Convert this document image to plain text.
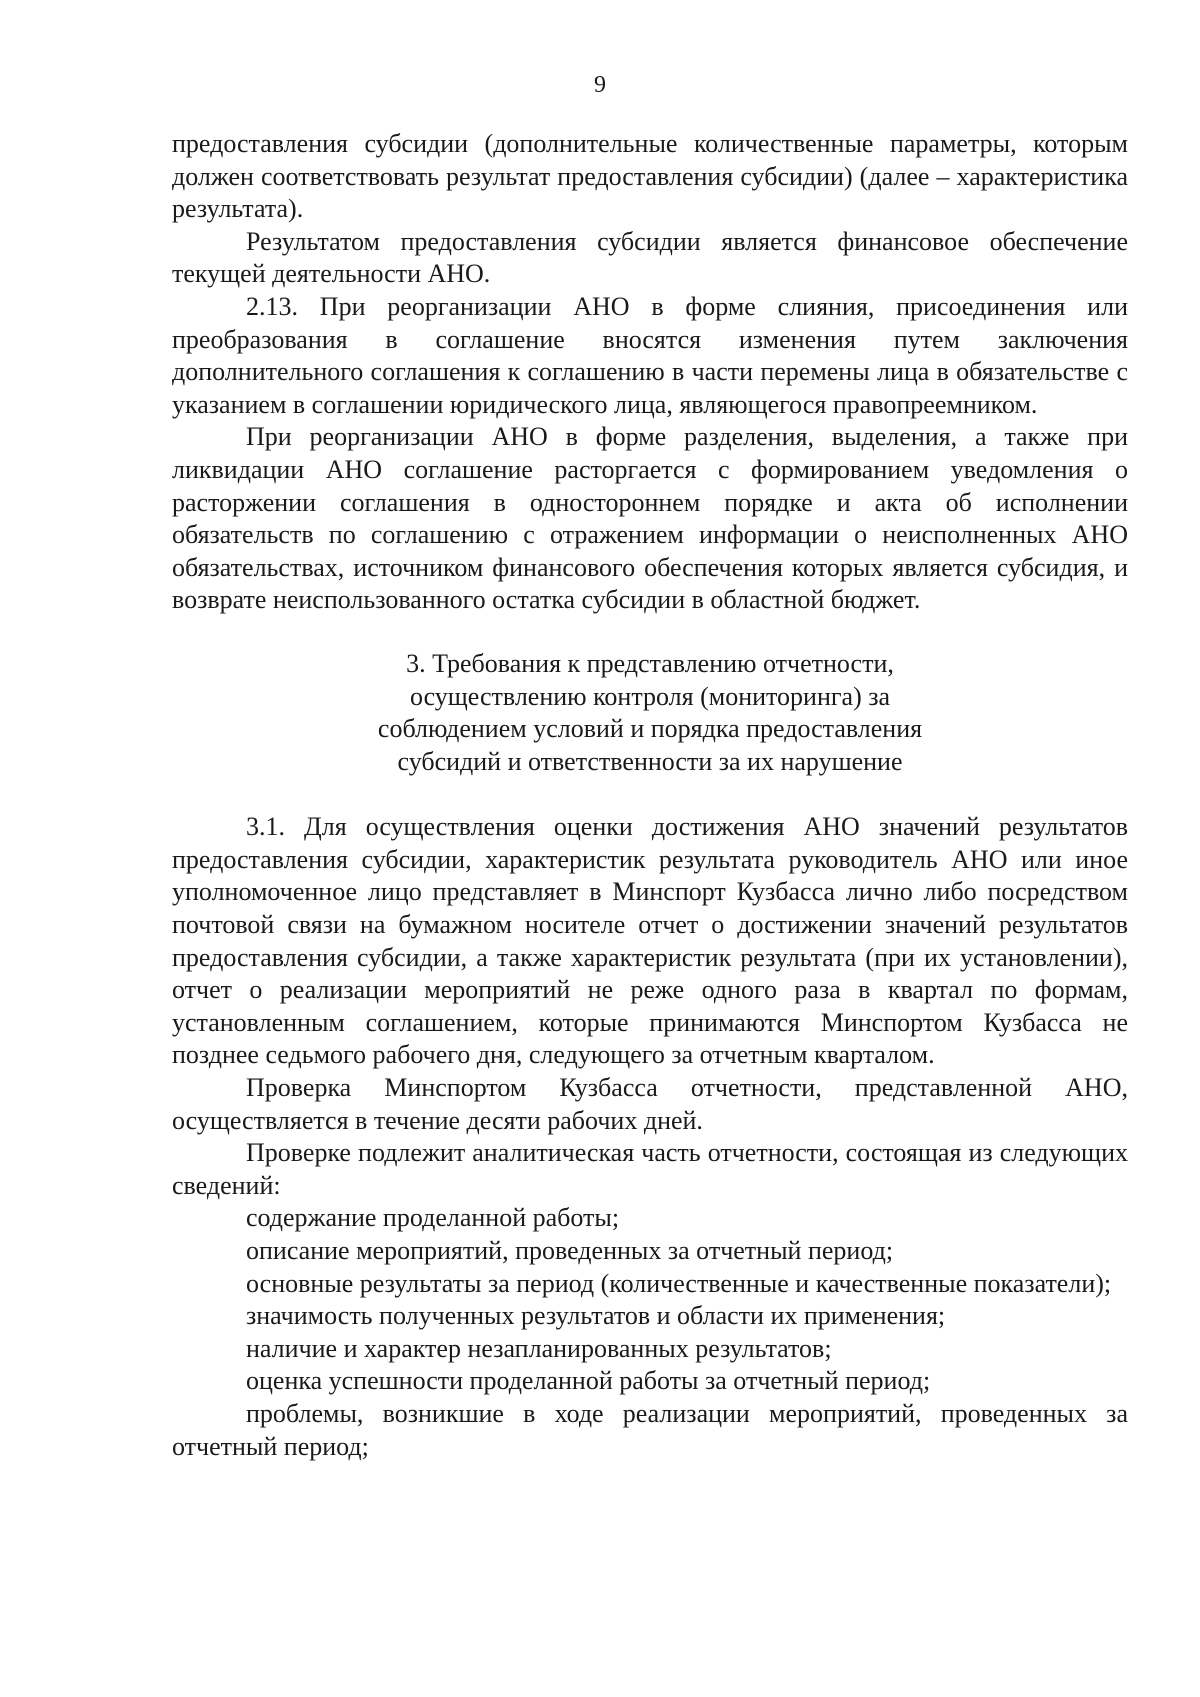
9

предоставления субсидии (дополнительные количественные параметры, которым должен соответствовать результат предоставления субсидии) (далее – характеристика результата).

Результатом предоставления субсидии является финансовое обеспечение текущей деятельности АНО.

2.13. При реорганизации АНО в форме слияния, присоединения или преобразования в соглашение вносятся изменения путем заключения дополнительного соглашения к соглашению в части перемены лица в обязательстве с указанием в соглашении юридического лица, являющегося правопреемником.

При реорганизации АНО в форме разделения, выделения, а также при ликвидации АНО соглашение расторгается с формированием уведомления о расторжении соглашения в одностороннем порядке и акта об исполнении обязательств по соглашению с отражением информации о неисполненных АНО обязательствах, источником финансового обеспечения которых является субсидия, и возврате неиспользованного остатка субсидии в областной бюджет.

3. Требования к представлению отчетности,
осуществлению контроля (мониторинга) за
соблюдением условий и порядка предоставления
субсидий и ответственности за их нарушение

3.1. Для осуществления оценки достижения АНО значений результатов предоставления субсидии, характеристик результата руководитель АНО или иное уполномоченное лицо представляет в Минспорт Кузбасса лично либо посредством почтовой связи на бумажном носителе отчет о достижении значений результатов предоставления субсидии, а также характеристик результата (при их установлении), отчет о реализации мероприятий не реже одного раза в квартал по формам, установленным соглашением, которые принимаются Минспортом Кузбасса не позднее седьмого рабочего дня, следующего за отчетным кварталом.

Проверка Минспортом Кузбасса отчетности, представленной АНО, осуществляется в течение десяти рабочих дней.

Проверке подлежит аналитическая часть отчетности, состоящая из следующих сведений:

содержание проделанной работы;

описание мероприятий, проведенных за отчетный период;

основные результаты за период (количественные и качественные показатели);

значимость полученных результатов и области их применения;

наличие и характер незапланированных результатов;

оценка успешности проделанной работы за отчетный период;

проблемы, возникшие в ходе реализации мероприятий, проведенных за отчетный период;
